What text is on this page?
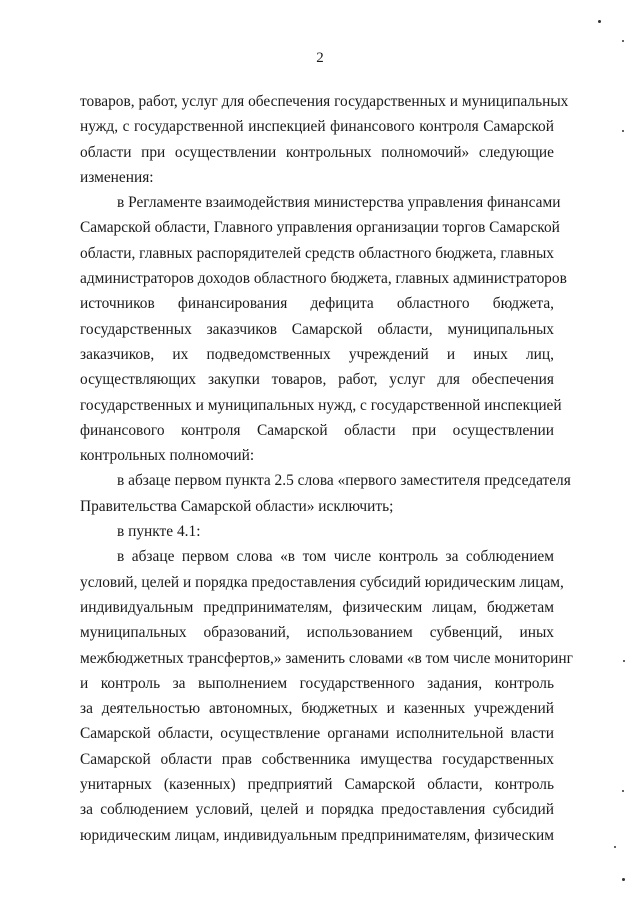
2
товаров, работ, услуг для обеспечения государственных и муниципальных
нужд, с государственной инспекцией финансового контроля Самарской
области при осуществлении контрольных полномочий» следующие
изменения:
в Регламенте взаимодействия министерства управления финансами
Самарской области, Главного управления организации торгов Самарской
области, главных распорядителей средств областного бюджета, главных
администраторов доходов областного бюджета, главных администраторов
источников финансирования дефицита областного бюджета,
государственных заказчиков Самарской области, муниципальных
заказчиков, их подведомственных учреждений и иных лиц,
осуществляющих закупки товаров, работ, услуг для обеспечения
государственных и муниципальных нужд, с государственной инспекцией
финансового контроля Самарской области при осуществлении
контрольных полномочий:
в абзаце первом пункта 2.5 слова «первого заместителя председателя
Правительства Самарской области» исключить;
в пункте 4.1:
в абзаце первом слова «в том числе контроль за соблюдением
условий, целей и порядка предоставления субсидий юридическим лицам,
индивидуальным предпринимателям, физическим лицам, бюджетам
муниципальных образований, использованием субвенций, иных
межбюджетных трансфертов,» заменить словами «в том числе мониторинг
и контроль за выполнением государственного задания, контроль
за деятельностью автономных, бюджетных и казенных учреждений
Самарской области, осуществление органами исполнительной власти
Самарской области прав собственника имущества государственных
унитарных (казенных) предприятий Самарской области, контроль
за соблюдением условий, целей и порядка предоставления субсидий
юридическим лицам, индивидуальным предпринимателям, физическим
